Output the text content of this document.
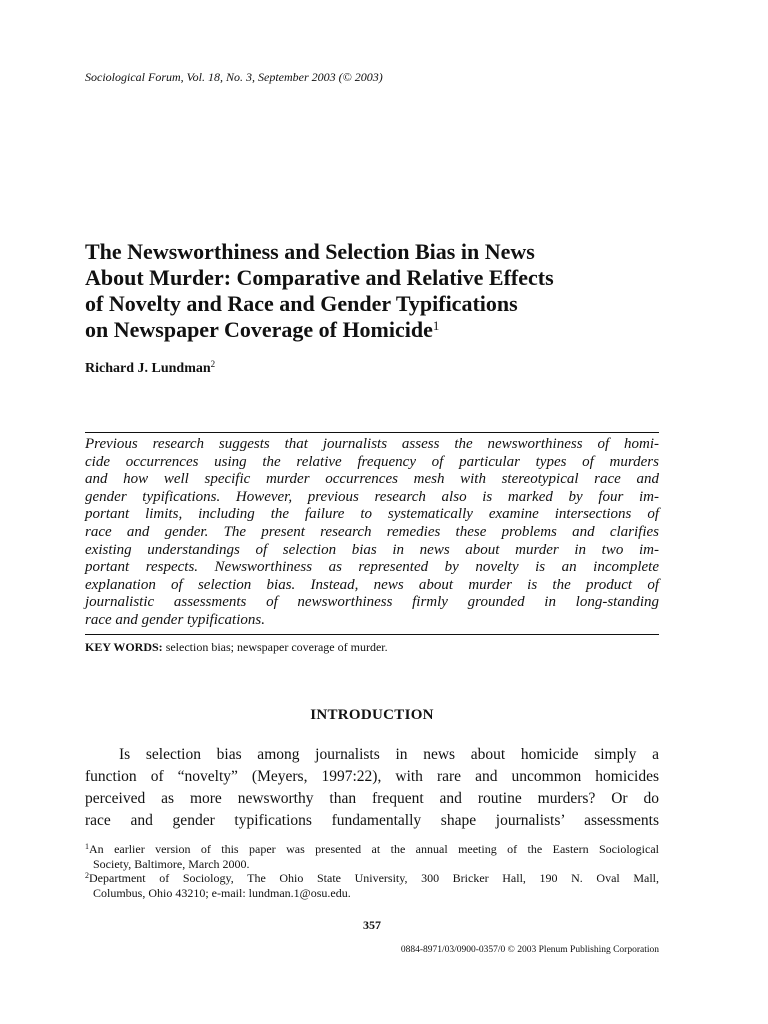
Sociological Forum, Vol. 18, No. 3, September 2003 (© 2003)
The Newsworthiness and Selection Bias in News
About Murder: Comparative and Relative Effects
of Novelty and Race and Gender Typifications
on Newspaper Coverage of Homicide$^1$
Richard J. Lundman$^2$
Previous research suggests that journalists assess the newsworthiness of homi-
cide occurrences using the relative frequency of particular types of murders
and how well specific murder occurrences mesh with stereotypical race and
gender typifications. However, previous research also is marked by four im-
portant limits, including the failure to systematically examine intersections of
race and gender. The present research remedies these problems and clarifies
existing understandings of selection bias in news about murder in two im-
portant respects. Newsworthiness as represented by novelty is an incomplete
explanation of selection bias. Instead, news about murder is the product of
journalistic assessments of newsworthiness firmly grounded in long-standing
race and gender typifications.
KEY WORDS: selection bias; newspaper coverage of murder.
INTRODUCTION
Is selection bias among journalists in news about homicide simply a
function of “novelty” (Meyers, 1997:22), with rare and uncommon homicides
perceived as more newsworthy than frequent and routine murders? Or do
race and gender typifications fundamentally shape journalists’ assessments
$^1$An earlier version of this paper was presented at the annual meeting of the Eastern Sociological
Society, Baltimore, March 2000.
$^2$Department of Sociology, The Ohio State University, 300 Bricker Hall, 190 N. Oval Mall,
Columbus, Ohio 43210; e-mail: lundman.1@osu.edu.
357
0884-8971/03/0900-0357/0 © 2003 Plenum Publishing Corporation
